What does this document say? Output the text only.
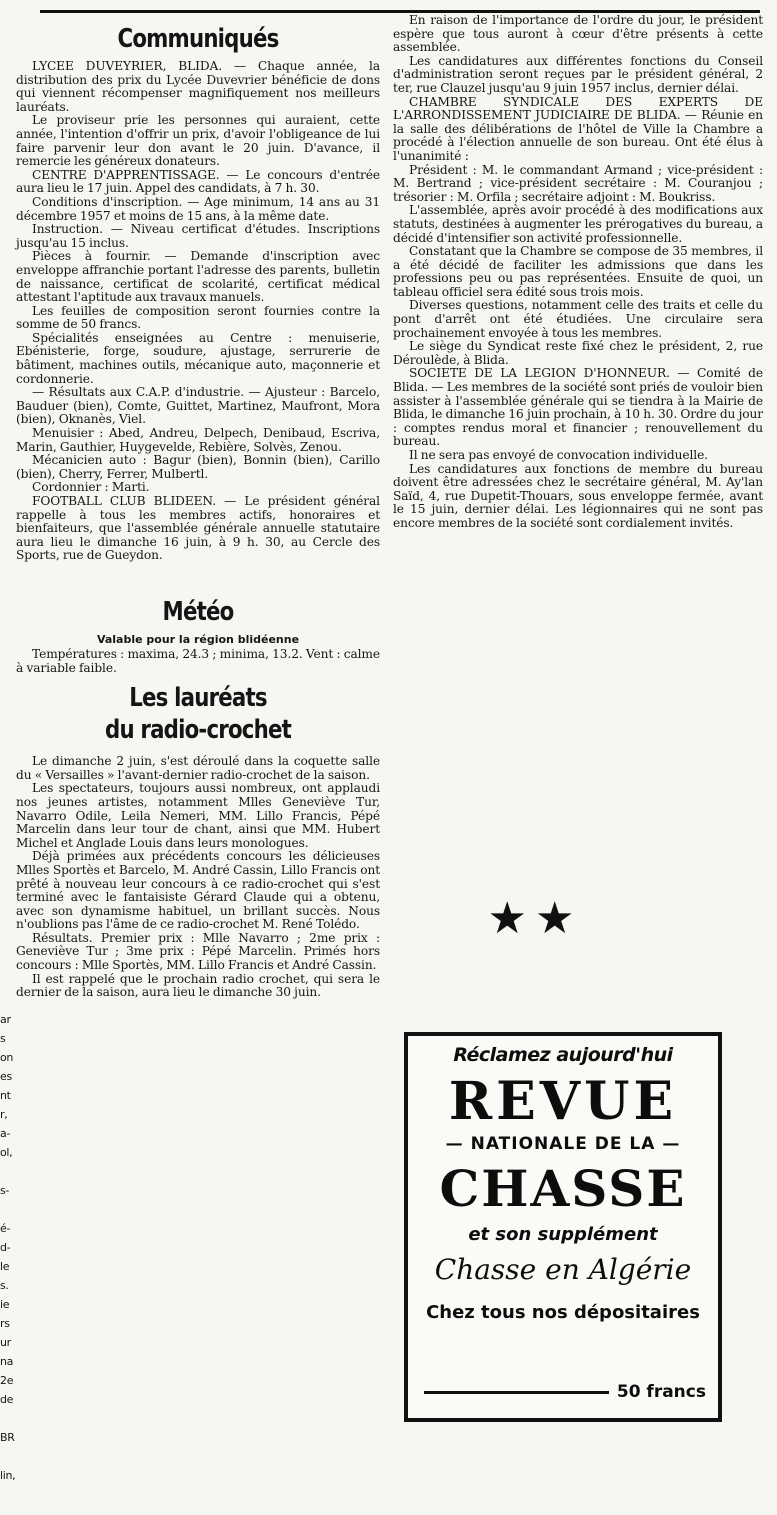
ar
s
on
es
nt
r,
a-
ol,

s-

é-
d-
le
s.
ie
rs
ur
na
2e
de

BR

lin,
Communiqués

LYCEE DUVEYRIER, BLIDA. — Chaque année, la distribution des prix du Lycée Duvevrier bénéficie de dons qui viennent récompenser magnifiquement nos meilleurs lauréats.

Le proviseur prie les personnes qui auraient, cette année, l'intention d'offrir un prix, d'avoir l'obligeance de lui faire parvenir leur don avant le 20 juin. D'avance, il remercie les généreux donateurs.

CENTRE D'APPRENTISSAGE. — Le concours d'entrée aura lieu le 17 juin. Appel des candidats, à 7 h. 30.

Conditions d'inscription. — Age minimum, 14 ans au 31 décembre 1957 et moins de 15 ans, à la même date.

Instruction. — Niveau certificat d'études. Inscriptions jusqu'au 15 inclus.

Pièces à fournir. — Demande d'inscription avec enveloppe affranchie portant l'adresse des parents, bulletin de naissance, certificat de scolarité, certificat médical attestant l'aptitude aux travaux manuels.

Les feuilles de composition seront fournies contre la somme de 50 francs.

Spécialités enseignées au Centre : menuiserie, Ebénisterie, forge, soudure, ajustage, serrurerie de bâtiment, machines outils, mécanique auto, maçonnerie et cordonnerie.

— Résultats aux C.A.P. d'industrie. — Ajusteur : Barcelo, Bauduer (bien), Comte, Guittet, Martinez, Maufront, Mora (bien), Oknanès, Viel.

Menuisier : Abed, Andreu, Delpech, Denibaud, Escriva, Marin, Gauthier, Huygevelde, Rebière, Solvès, Zenou.

Mécanicien auto : Bagur (bien), Bonnin (bien), Carillo (bien), Cherry, Ferrer, Mulbertl.

Cordonnier : Marti.

FOOTBALL CLUB BLIDEEN. — Le président général rappelle à tous les membres actifs, honoraires et bienfaiteurs, que l'assemblée générale annuelle statutaire aura lieu le dimanche 16 juin, à 9 h. 30, au Cercle des Sports, rue de Gueydon.

Météo
Valable pour la région blidéenne

Températures : maxima, 24.3 ; minima, 13.2. Vent : calme à variable faible.

Les lauréats
du radio-crochet

Le dimanche 2 juin, s'est déroulé dans la coquette salle du « Versailles » l'avant-dernier radio-crochet de la saison.

Les spectateurs, toujours aussi nombreux, ont applaudi nos jeunes artistes, notamment Mlles Geneviève Tur, Navarro Odile, Leila Nemeri, MM. Lillo Francis, Pépé Marcelin dans leur tour de chant, ainsi que MM. Hubert Michel et Anglade Louis dans leurs monologues.

Déjà primées aux précédents concours les délicieuses Mlles Sportès et Barcelo, M. André Cassin, Lillo Francis ont prêté à nouveau leur concours à ce radio-crochet qui s'est terminé avec le fantaisiste Gérard Claude qui a obtenu, avec son dynamisme habituel, un brillant succès. Nous n'oublions pas l'âme de ce radio-crochet M. René Tolédo.

Résultats. Premier prix : Mlle Navarro ; 2me prix : Geneviève Tur ; 3me prix : Pépé Marcelin. Primés hors concours : Mlle Sportès, MM. Lillo Francis et André Cassin.

Il est rappelé que le prochain radio crochet, qui sera le dernier de la saison, aura lieu le dimanche 30 juin.

En raison de l'importance de l'ordre du jour, le président espère que tous auront à cœur d'être présents à cette assemblée.

Les candidatures aux différentes fonctions du Conseil d'administration seront reçues par le président général, 2 ter, rue Clauzel jusqu'au 9 juin 1957 inclus, dernier délai.

CHAMBRE SYNDICALE DES EXPERTS DE L'ARRONDISSEMENT JUDICIAIRE DE BLIDA. — Réunie en la salle des délibérations de l'hôtel de Ville la Chambre a procédé à l'élection annuelle de son bureau. Ont été élus à l'unanimité :

Président : M. le commandant Armand ; vice-président : M. Bertrand ; vice-président secrétaire : M. Couranjou ; trésorier : M. Orfila ; secrétaire adjoint : M. Boukriss.

L'assemblée, après avoir procédé à des modifications aux statuts, destinées à augmenter les prérogatives du bureau, a décidé d'intensifier son activité professionnelle.

Constatant que la Chambre se compose de 35 membres, il a été décidé de faciliter les admissions que dans les professions peu ou pas représentées. Ensuite de quoi, un tableau officiel sera édité sous trois mois.

Diverses questions, notamment celle des traits et celle du pont d'arrêt ont été étudiées. Une circulaire sera prochainement envoyée à tous les membres.

Le siège du Syndicat reste fixé chez le président, 2, rue Déroulède, à Blida.

SOCIETE DE LA LEGION D'HONNEUR. — Comité de Blida. — Les membres de la société sont priés de vouloir bien assister à l'assemblée générale qui se tiendra à la Mairie de Blida, le dimanche 16 juin prochain, à 10 h. 30. Ordre du jour : comptes rendus moral et financier ; renouvellement du bureau.

Il ne sera pas envoyé de convocation individuelle.

Les candidatures aux fonctions de membre du bureau doivent être adressées chez le secrétaire général, M. Ay'lan Saïd, 4, rue Dupetit-Thouars, sous enveloppe fermée, avant le 15 juin, dernier délai. Les légionnaires qui ne sont pas encore membres de la société sont cordialement invités.

★★
Réclamez aujourd'hui
REVUE
— NATIONALE DE LA —
CHASSE
et son supplément
Chasse en Algérie
Chez tous nos dépositaires
50 francs
